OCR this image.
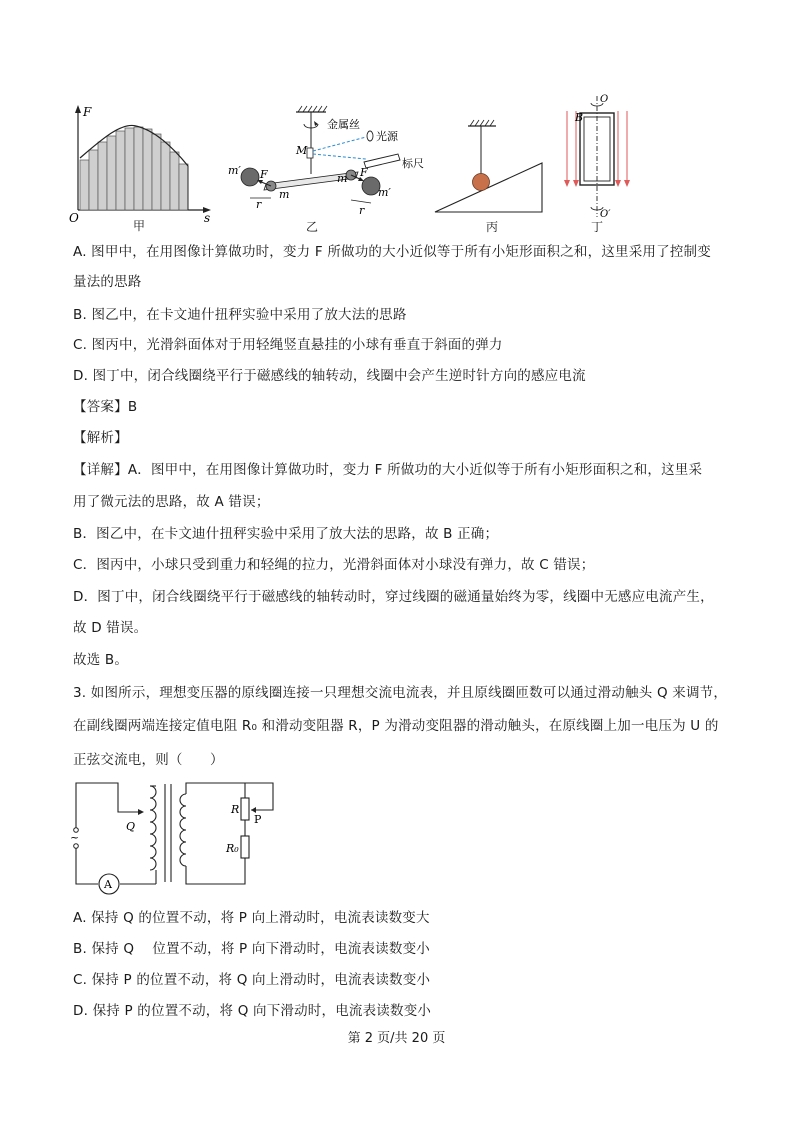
F
s
O
甲
金属丝
光源
标尺
M
m′
m′
m
m
F	F
r	r
乙	丙
B
O
O′
丁
A. 图甲中，在用图像计算做功时，变力 F 所做功的大小近似等于所有小矩形面积之和，这里采用了控制变
量法的思路
B. 图乙中，在卡文迪什扭秤实验中采用了放大法的思路
C. 图丙中，光滑斜面体对于用轻绳竖直悬挂的小球有垂直于斜面的弹力
D. 图丁中，闭合线圈绕平行于磁感线的轴转动，线圈中会产生逆时针方向的感应电流
【答案】B
【解析】
【详解】A．图甲中，在用图像计算做功时，变力 F 所做功的大小近似等于所有小矩形面积之和，这里采
用了微元法的思路，故 A 错误；
B．图乙中，在卡文迪什扭秤实验中采用了放大法的思路，故 B 正确；
C．图丙中，小球只受到重力和轻绳的拉力，光滑斜面体对小球没有弹力，故 C 错误；
D．图丁中，闭合线圈绕平行于磁感线的轴转动时，穿过线圈的磁通量始终为零，线圈中无感应电流产生，
故 D 错误。
故选 B。
3. 如图所示，理想变压器的原线圈连接一只理想交流电流表，并且原线圈匝数可以通过滑动触头 Q 来调节，
在副线圈两端连接定值电阻 R₀ 和滑动变阻器 R，P 为滑动变阻器的滑动触头，在原线圈上加一电压为 U 的
正弦交流电，则（　　）
~
A
Q
R
P
R₀
A. 保持 Q 的位置不动，将 P 向上滑动时，电流表读数变大
B. 保持 Q 　位置不动，将 P 向下滑动时，电流表读数变小
C. 保持 P 的位置不动，将 Q 向上滑动时，电流表读数变小
D. 保持 P 的位置不动，将 Q 向下滑动时，电流表读数变小
第 2 页/共 20 页
